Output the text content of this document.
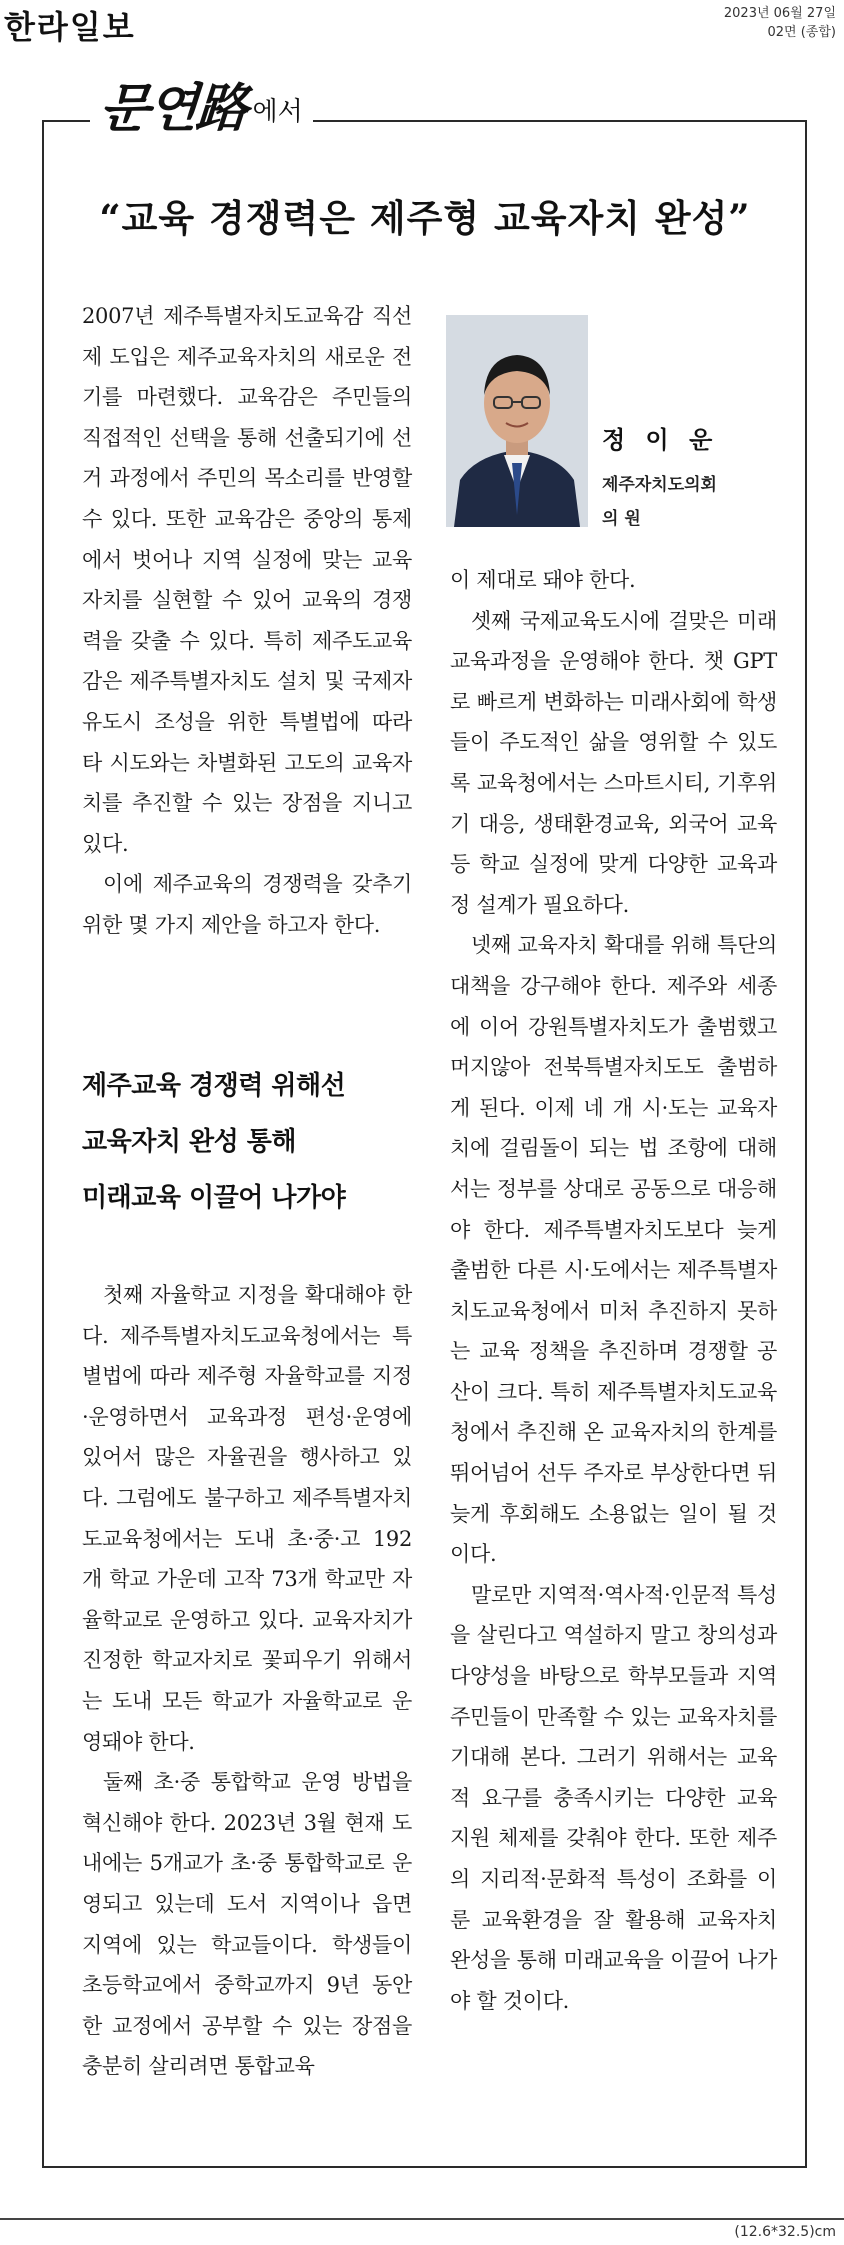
한라일보	2023년 06월 27일
02면 (종합)
문연路 에서
“교육 경쟁력은 제주형 교육자치 완성”

2007년 제주특별자치도교육감 직선제 도입은 제주교육자치의 새로운 전기를 마련했다. 교육감은 주민들의 직접적인 선택을 통해 선출되기에 선거 과정에서 주민의 목소리를 반영할 수 있다. 또한 교육감은 중앙의 통제에서 벗어나 지역 실정에 맞는 교육자치를 실현할 수 있어 교육의 경쟁력을 갖출 수 있다. 특히 제주도교육감은 제주특별자치도 설치 및 국제자유도시 조성을 위한 특별법에 따라 타 시도와는 차별화된 고도의 교육자치를 추진할 수 있는 장점을 지니고 있다.

이에 제주교육의 경쟁력을 갖추기 위한 몇 가지 제안을 하고자 한다.

제주교육 경쟁력 위해선
교육자치 완성 통해
미래교육 이끌어 나가야

첫째 자율학교 지정을 확대해야 한다. 제주특별자치도교육청에서는 특별법에 따라 제주형 자율학교를 지정·운영하면서 교육과정 편성·운영에 있어서 많은 자율권을 행사하고 있다. 그럼에도 불구하고 제주특별자치도교육청에서는 도내 초·중·고 192개 학교 가운데 고작 73개 학교만 자율학교로 운영하고 있다. 교육자치가 진정한 학교자치로 꽃피우기 위해서는 도내 모든 학교가 자율학교로 운영돼야 한다.

둘째 초·중 통합학교 운영 방법을 혁신해야 한다. 2023년 3월 현재 도내에는 5개교가 초·중 통합학교로 운영되고 있는데 도서 지역이나 읍면 지역에 있는 학교들이다. 학생들이 초등학교에서 중학교까지 9년 동안 한 교정에서 공부할 수 있는 장점을 충분히 살리려면 통합교육

정 이 운
제주자치도의회
의 원

이 제대로 돼야 한다.

셋째 국제교육도시에 걸맞은 미래교육과정을 운영해야 한다. 챗 GPT로 빠르게 변화하는 미래사회에 학생들이 주도적인 삶을 영위할 수 있도록 교육청에서는 스마트시티, 기후위기 대응, 생태환경교육, 외국어 교육 등 학교 실정에 맞게 다양한 교육과정 설계가 필요하다.

넷째 교육자치 확대를 위해 특단의 대책을 강구해야 한다. 제주와 세종에 이어 강원특별자치도가 출범했고 머지않아 전북특별자치도도 출범하게 된다. 이제 네 개 시·도는 교육자치에 걸림돌이 되는 법 조항에 대해서는 정부를 상대로 공동으로 대응해야 한다. 제주특별자치도보다 늦게 출범한 다른 시·도에서는 제주특별자치도교육청에서 미처 추진하지 못하는 교육 정책을 추진하며 경쟁할 공산이 크다. 특히 제주특별자치도교육청에서 추진해 온 교육자치의 한계를 뛰어넘어 선두 주자로 부상한다면 뒤늦게 후회해도 소용없는 일이 될 것이다.

말로만 지역적·역사적·인문적 특성을 살린다고 역설하지 말고 창의성과 다양성을 바탕으로 학부모들과 지역 주민들이 만족할 수 있는 교육자치를 기대해 본다. 그러기 위해서는 교육적 요구를 충족시키는 다양한 교육 지원 체제를 갖춰야 한다. 또한 제주의 지리적·문화적 특성이 조화를 이룬 교육환경을 잘 활용해 교육자치 완성을 통해 미래교육을 이끌어 나가야 할 것이다.

(12.6*32.5)cm
